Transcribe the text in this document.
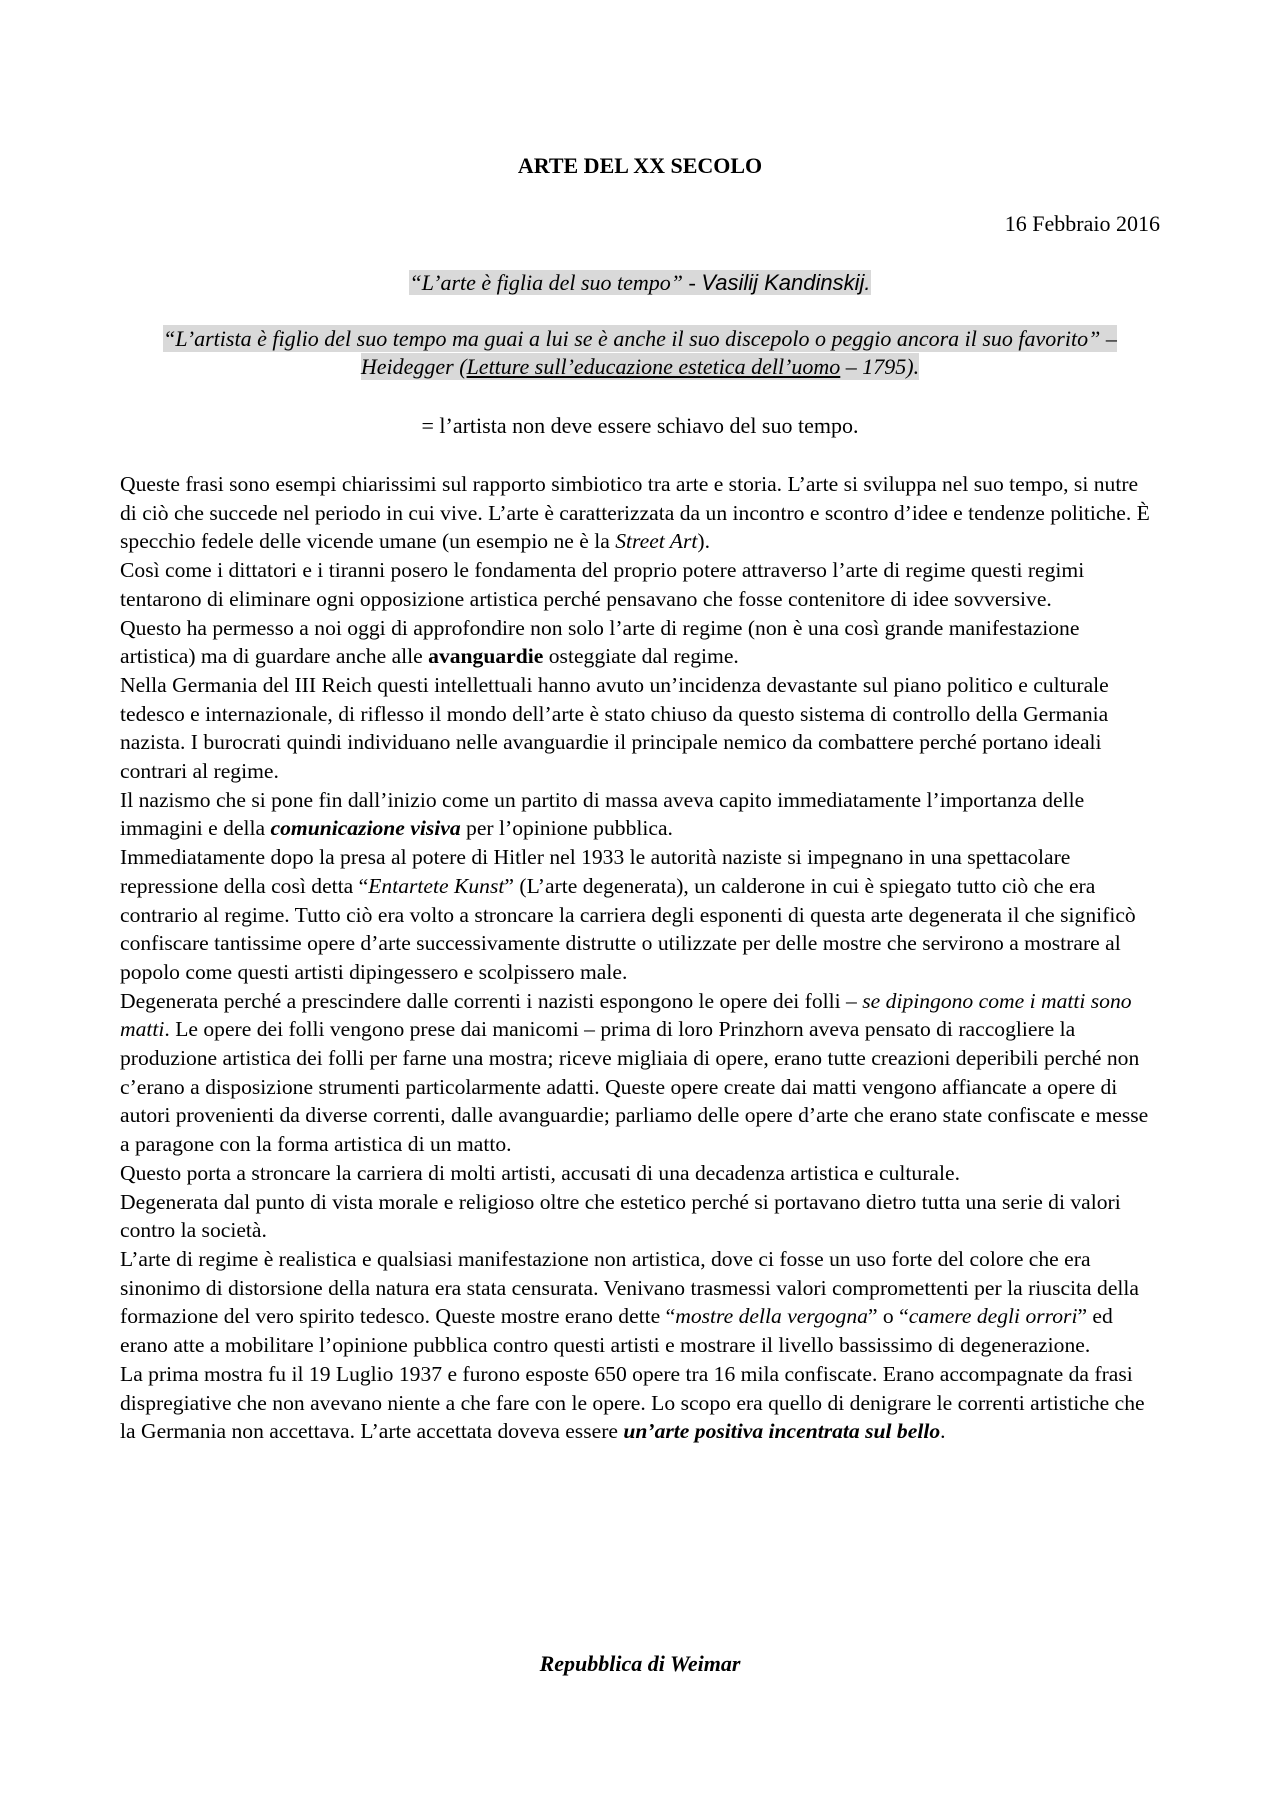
ARTE DEL XX SECOLO

16 Febbraio 2016

“L’arte è figlia del suo tempo” - Vasilij Kandinskij.

“L’artista è figlio del suo tempo ma guai a lui se è anche il suo discepolo o peggio ancora il suo favorito” – Heidegger (Letture sull’educazione estetica dell’uomo – 1795).

= l’artista non deve essere schiavo del suo tempo.

Queste frasi sono esempi chiarissimi sul rapporto simbiotico tra arte e storia. L’arte si sviluppa nel suo tempo, si nutre di ciò che succede nel periodo in cui vive. L’arte è caratterizzata da un incontro e scontro d’idee e tendenze politiche. È specchio fedele delle vicende umane (un esempio ne è la Street Art).

Così come i dittatori e i tiranni posero le fondamenta del proprio potere attraverso l’arte di regime questi regimi tentarono di eliminare ogni opposizione artistica perché pensavano che fosse contenitore di idee sovversive.

Questo ha permesso a noi oggi di approfondire non solo l’arte di regime (non è una così grande manifestazione artistica) ma di guardare anche alle avanguardie osteggiate dal regime.

Nella Germania del III Reich questi intellettuali hanno avuto un’incidenza devastante sul piano politico e culturale tedesco e internazionale, di riflesso il mondo dell’arte è stato chiuso da questo sistema di controllo della Germania nazista. I burocrati quindi individuano nelle avanguardie il principale nemico da combattere perché portano ideali contrari al regime.

Il nazismo che si pone fin dall’inizio come un partito di massa aveva capito immediatamente l’importanza delle immagini e della comunicazione visiva per l’opinione pubblica.

Immediatamente dopo la presa al potere di Hitler nel 1933 le autorità naziste si impegnano in una spettacolare repressione della così detta “Entartete Kunst” (L’arte degenerata), un calderone in cui è spiegato tutto ciò che era contrario al regime. Tutto ciò era volto a stroncare la carriera degli esponenti di questa arte degenerata il che significò confiscare tantissime opere d’arte successivamente distrutte o utilizzate per delle mostre che servirono a mostrare al popolo come questi artisti dipingessero e scolpissero male.

Degenerata perché a prescindere dalle correnti i nazisti espongono le opere dei folli – se dipingono come i matti sono matti. Le opere dei folli vengono prese dai manicomi – prima di loro Prinzhorn aveva pensato di raccogliere la produzione artistica dei folli per farne una mostra; riceve migliaia di opere, erano tutte creazioni deperibili perché non c’erano a disposizione strumenti particolarmente adatti. Queste opere create dai matti vengono affiancate a opere di autori provenienti da diverse correnti, dalle avanguardie; parliamo delle opere d’arte che erano state confiscate e messe a paragone con la forma artistica di un matto.

Questo porta a stroncare la carriera di molti artisti, accusati di una decadenza artistica e culturale.

Degenerata dal punto di vista morale e religioso oltre che estetico perché si portavano dietro tutta una serie di valori contro la società.

L’arte di regime è realistica e qualsiasi manifestazione non artistica, dove ci fosse un uso forte del colore che era sinonimo di distorsione della natura era stata censurata. Venivano trasmessi valori compromettenti per la riuscita della formazione del vero spirito tedesco. Queste mostre erano dette “mostre della vergogna” o “camere degli orrori” ed erano atte a mobilitare l’opinione pubblica contro questi artisti e mostrare il livello bassissimo di degenerazione.

La prima mostra fu il 19 Luglio 1937 e furono esposte 650 opere tra 16 mila confiscate. Erano accompagnate da frasi dispregiative che non avevano niente a che fare con le opere. Lo scopo era quello di denigrare le correnti artistiche che la Germania non accettava. L’arte accettata doveva essere un’arte positiva incentrata sul bello.

Repubblica di Weimar
